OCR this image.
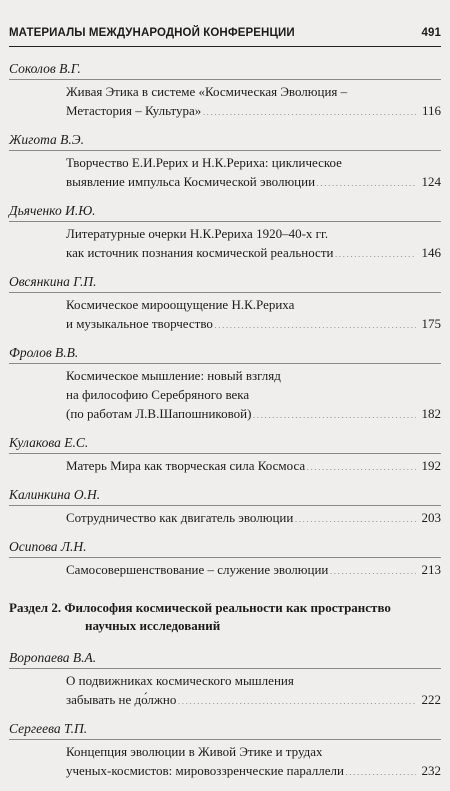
МАТЕРИАЛЫ МЕЖДУНАРОДНОЙ КОНФЕРЕНЦИИ	491
Соколов В.Г.
Живая Этика в системе «Космическая Эволюция –
Метастория – Культура» .....	116
Жигота В.Э.
Творчество Е.И.Рерих и Н.К.Рериха: циклическое
выявление импульса Космической эволюции .....	124
Дьяченко И.Ю.
Литературные очерки Н.К.Рериха 1920–40-х гг.
как источник познания космической реальности .....	146
Овсянкина Г.П.
Космическое мироощущение Н.К.Рериха
и музыкальное творчество .....	175
Фролов В.В.
Космическое мышление: новый взгляд
на философию Серебряного века
(по работам Л.В.Шапошниковой) .....	182
Кулакова Е.С.
Матерь Мира как творческая сила Космоса .....	192
Калинкина О.Н.
Сотрудничество как двигатель эволюции .....	203
Осипова Л.Н.
Самосовершенствование – служение эволюции .....	213
Раздел 2. Философия космической реальности как пространство
научных исследований
Воропаева В.А.
О подвижниках космического мышления
забывать не до́лжно .....	222
Сергеева Т.П.
Концепция эволюции в Живой Этике и трудах
ученых-космистов: мировоззренческие параллели .....	232
